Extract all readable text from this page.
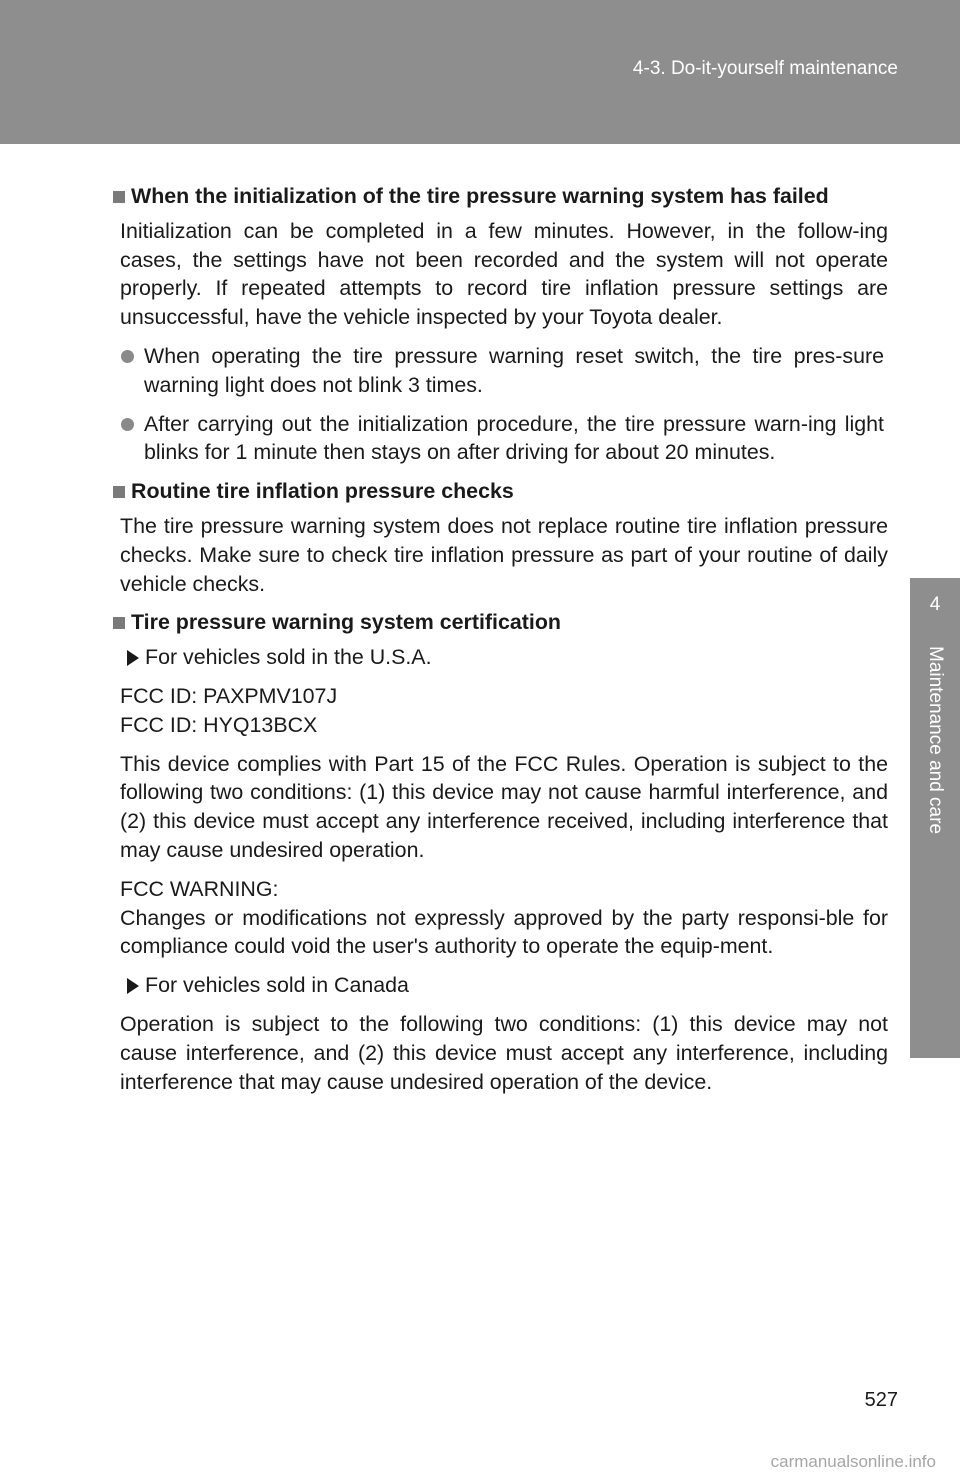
4-3. Do-it-yourself maintenance
4
Maintenance and care
When the initialization of the tire pressure warning system has failed

Initialization can be completed in a few minutes. However, in the follow-ing cases, the settings have not been recorded and the system will not operate properly. If repeated attempts to record tire inflation pressure settings are unsuccessful, have the vehicle inspected by your Toyota dealer.

When operating the tire pressure warning reset switch, the tire pres-sure warning light does not blink 3 times.
After carrying out the initialization procedure, the tire pressure warn-ing light blinks for 1 minute then stays on after driving for about 20 minutes.
Routine tire inflation pressure checks

The tire pressure warning system does not replace routine tire inflation pressure checks. Make sure to check tire inflation pressure as part of your routine of daily vehicle checks.

Tire pressure warning system certification
For vehicles sold in the U.S.A.

FCC ID: PAXPMV107J
FCC ID: HYQ13BCX

This device complies with Part 15 of the FCC Rules. Operation is subject to the following two conditions: (1) this device may not cause harmful interference, and (2) this device must accept any interference received, including interference that may cause undesired operation.

FCC WARNING:
Changes or modifications not expressly approved by the party responsi-ble for compliance could void the user's authority to operate the equip-ment.

For vehicles sold in Canada

Operation is subject to the following two conditions: (1) this device may not cause interference, and (2) this device must accept any interference, including interference that may cause undesired operation of the device.

527
carmanualsonline.info
